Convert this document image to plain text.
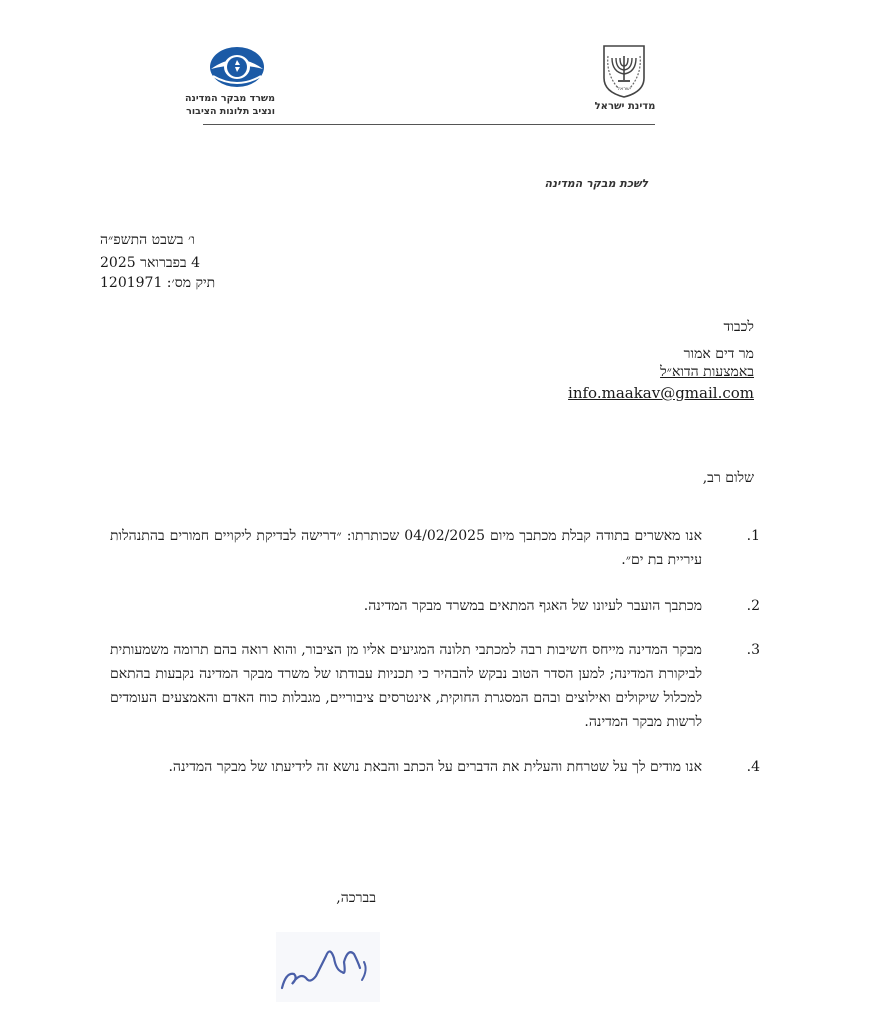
ישראל
מדינת ישראל
משרד מבקר המדינה
ונציב תלונות הציבור
לשכת מבקר המדינה
ו׳ בשבט התשפ״ה
4 בפברואר 2025
תיק מס׳: 1201971
לכבוד
מר דים אמור
באמצעות הדוא״ל
info.maakav@gmail.com
שלום רב,
1.
אנו מאשרים בתודה קבלת מכתבך מיום 04/02/2025 שכותרתו: ״דרישה לבדיקת ליקויים חמורים בהתנהלות עיריית בת ים״.
2.
מכתבך הועבר לעיונו של האגף המתאים במשרד מבקר המדינה.
3.
מבקר המדינה מייחס חשיבות רבה למכתבי תלונה המגיעים אליו מן הציבור, והוא רואה בהם תרומה משמעותית לביקורת המדינה; למען הסדר הטוב נבקש להבהיר כי תכניות עבודתו של משרד מבקר המדינה נקבעות בהתאם למכלול שיקולים ואילוצים ובהם המסגרת החוקית, אינטרסים ציבוריים, מגבלות כוח האדם והאמצעים העומדים לרשות מבקר המדינה.
4.
אנו מודים לך על שטרחת והעלית את הדברים על הכתב והבאת נושא זה לידיעתו של מבקר המדינה.
בברכה,
